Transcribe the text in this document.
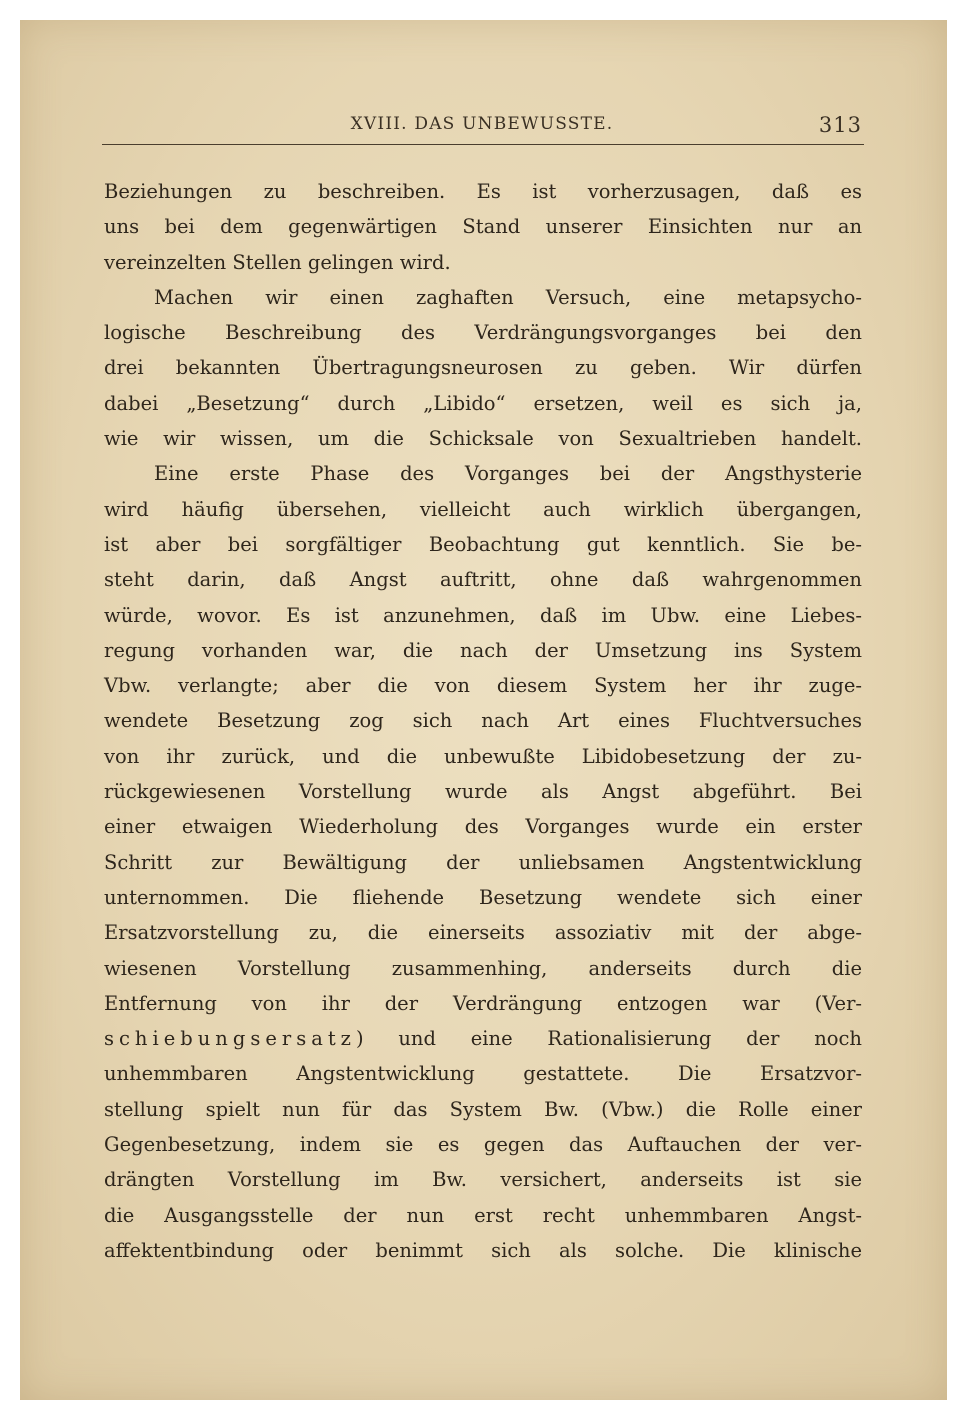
XVIII. DAS UNBEWUSSTE.	313
Beziehungen zu beschreiben. Es ist vorherzusagen, daß es
uns bei dem gegenwärtigen Stand unserer Einsichten nur an
vereinzelten Stellen gelingen wird.
Machen wir einen zaghaften Versuch, eine metapsycho-
logische Beschreibung des Verdrängungsvorganges bei den
drei bekannten Übertragungsneurosen zu geben. Wir dürfen
dabei „Besetzung“ durch „Libido“ ersetzen, weil es sich ja,
wie wir wissen, um die Schicksale von Sexualtrieben handelt.
Eine erste Phase des Vorganges bei der Angsthysterie
wird häufig übersehen, vielleicht auch wirklich übergangen,
ist aber bei sorgfältiger Beobachtung gut kenntlich. Sie be-
steht darin, daß Angst auftritt, ohne daß wahrgenommen
würde, wovor. Es ist anzunehmen, daß im Ubw. eine Liebes-
regung vorhanden war, die nach der Umsetzung ins System
Vbw. verlangte; aber die von diesem System her ihr zuge-
wendete Besetzung zog sich nach Art eines Fluchtversuches
von ihr zurück, und die unbewußte Libidobesetzung der zu-
rückgewiesenen Vorstellung wurde als Angst abgeführt. Bei
einer etwaigen Wiederholung des Vorganges wurde ein erster
Schritt zur Bewältigung der unliebsamen Angstentwicklung
unternommen. Die fliehende Besetzung wendete sich einer
Ersatzvorstellung zu, die einerseits assoziativ mit der abge-
wiesenen Vorstellung zusammenhing, anderseits durch die
Entfernung von ihr der Verdrängung entzogen war (Ver-
schiebungsersatz) und eine Rationalisierung der noch
unhemmbaren Angstentwicklung gestattete. Die Ersatzvor-
stellung spielt nun für das System Bw. (Vbw.) die Rolle einer
Gegenbesetzung, indem sie es gegen das Auftauchen der ver-
drängten Vorstellung im Bw. versichert, anderseits ist sie
die Ausgangsstelle der nun erst recht unhemmbaren Angst-
affektentbindung oder benimmt sich als solche. Die klinische
